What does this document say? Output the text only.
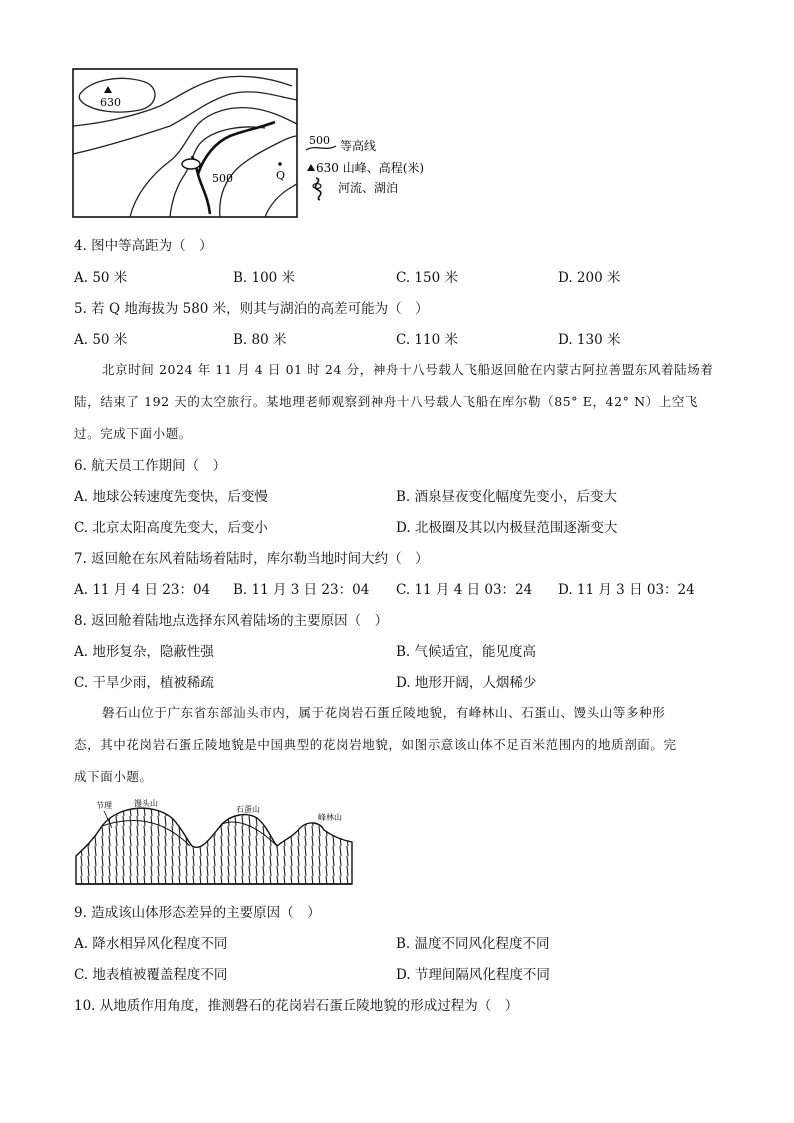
630
500	Q
500 等高线
630 山峰、高程(米)
河流、湖泊
4. 图中等高距为（　）
A. 50 米	B. 100 米	C. 150 米	D. 200 米
5. 若 Q 地海拔为 580 米，则其与湖泊的高差可能为（　）
A. 50 米	B. 80 米	C. 110 米	D. 130 米
北京时间 2024 年 11 月 4 日 01 时 24 分，神舟十八号载人飞船返回舱在内蒙古阿拉善盟东风着陆场着
陆，结束了 192 天的太空旅行。某地理老师观察到神舟十八号载人飞船在库尔勒（85° E，42° N）上空飞
过。完成下面小题。
6. 航天员工作期间（　）
A. 地球公转速度先变快，后变慢	B. 酒泉昼夜变化幅度先变小，后变大
C. 北京太阳高度先变大，后变小	D. 北极圈及其以内极昼范围逐渐变大
7. 返回舱在东风着陆场着陆时，库尔勒当地时间大约（　）
A. 11 月 4 日 23：04 B. 11 月 3 日 23：04 C. 11 月 4 日 03：24 D. 11 月 3 日 03：24
8. 返回舱着陆地点选择东风着陆场的主要原因（　）
A. 地形复杂，隐蔽性强	B. 气候适宜，能见度高
C. 干旱少雨，植被稀疏	D. 地形开阔，人烟稀少
磐石山位于广东省东部汕头市内，属于花岗岩石蛋丘陵地貌，有峰林山、石蛋山、馒头山等多种形
态，其中花岗岩石蛋丘陵地貌是中国典型的花岗岩地貌，如图示意该山体不足百米范围内的地质剖面。完
成下面小题。
节理	馒头山
石蛋山
峰林山
9. 造成该山体形态差异的主要原因（　）
A. 降水相异风化程度不同	B. 温度不同风化程度不同
C. 地表植被覆盖程度不同	D. 节理间隔风化程度不同
10. 从地质作用角度，推测磐石的花岗岩石蛋丘陵地貌的形成过程为（　）
